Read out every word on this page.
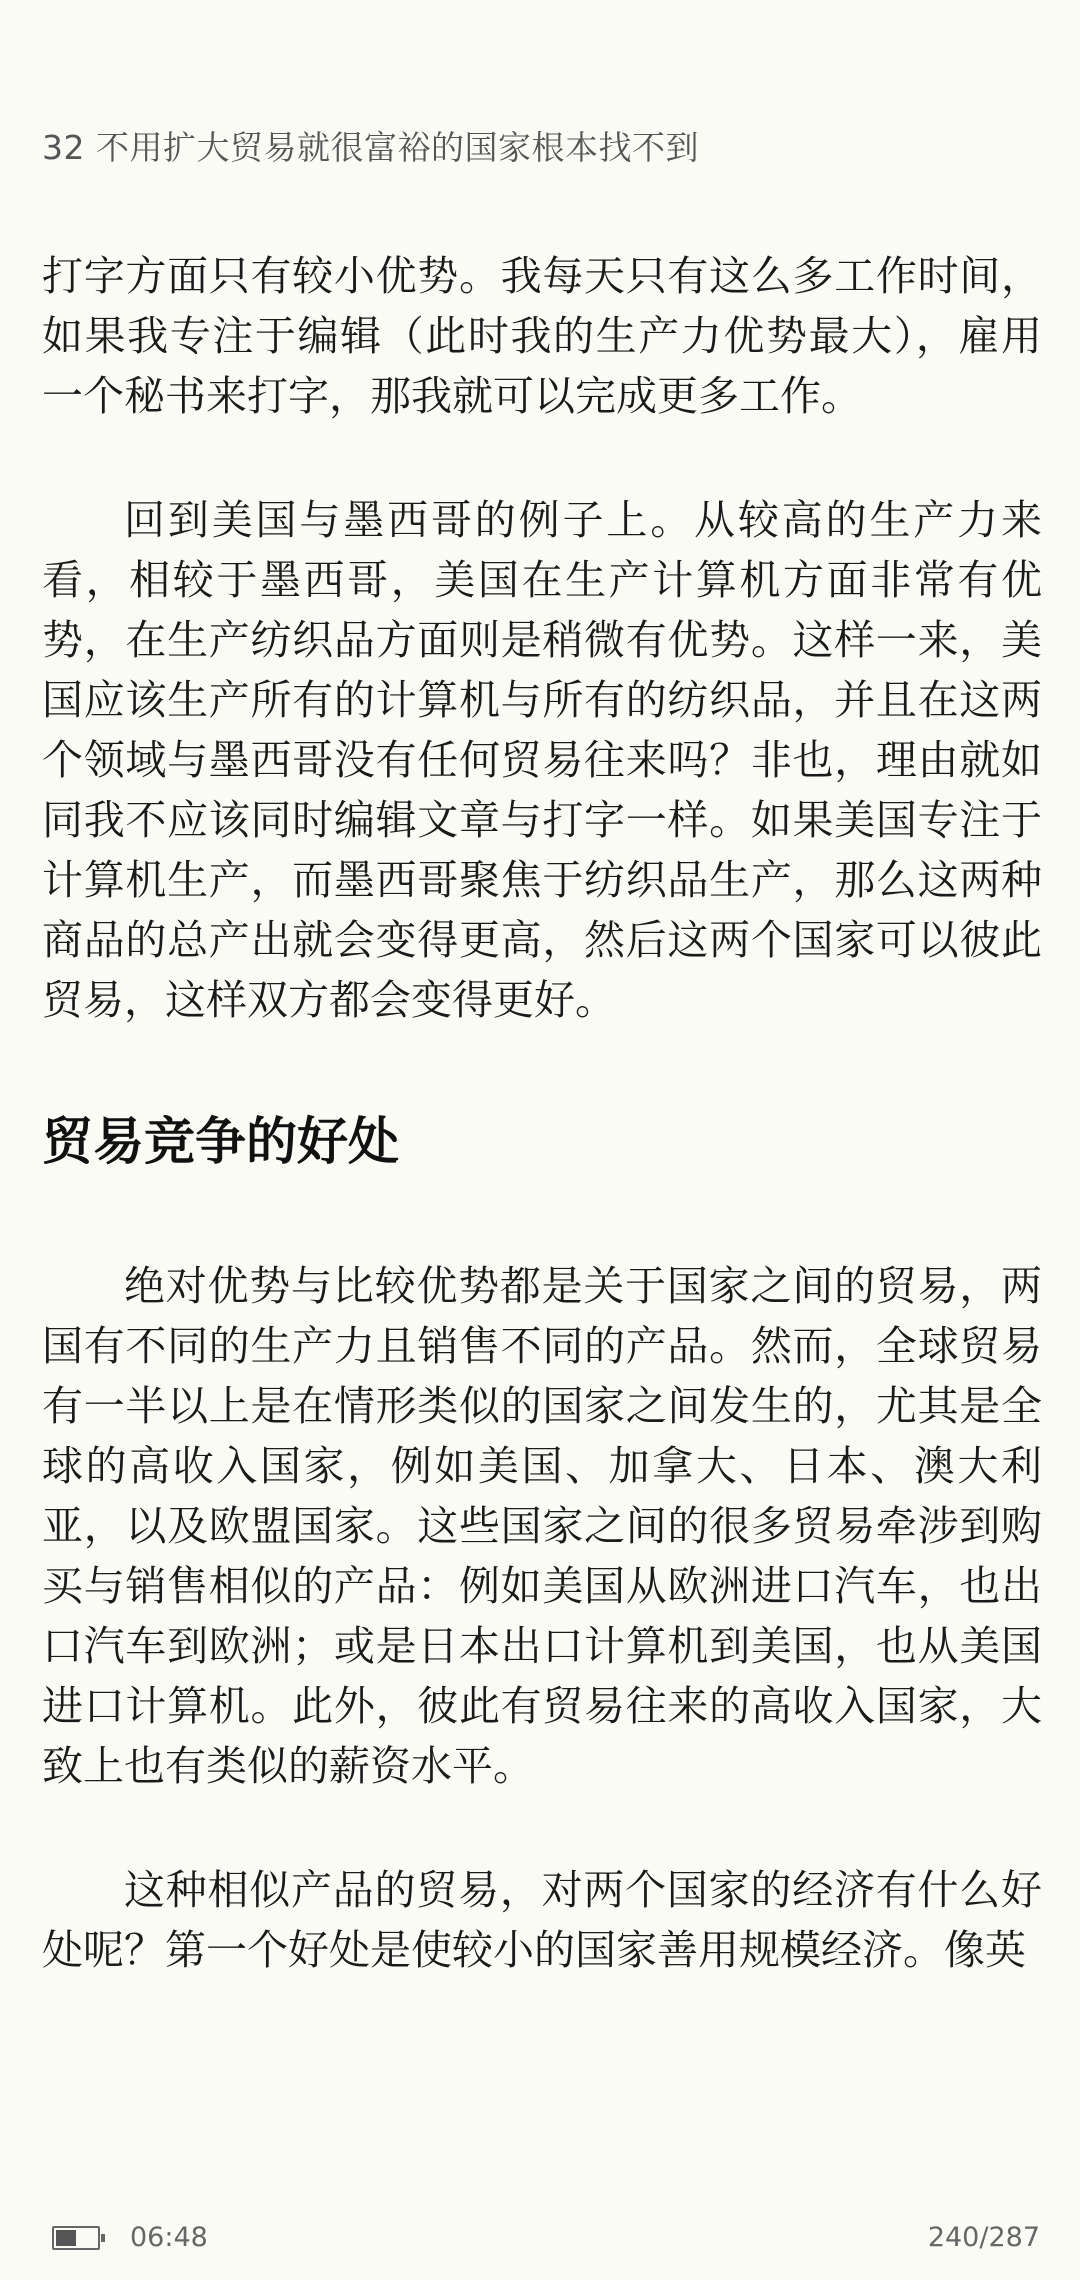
32 不用扩大贸易就很富裕的国家根本找不到

打字方面只有较小优势。我每天只有这么多工作时间，如果我专注于编辑（此时我的生产力优势最大），雇用一个秘书来打字，那我就可以完成更多工作。

回到美国与墨西哥的例子上。从较高的生产力来看，相较于墨西哥，美国在生产计算机方面非常有优势，在生产纺织品方面则是稍微有优势。这样一来，美国应该生产所有的计算机与所有的纺织品，并且在这两个领域与墨西哥没有任何贸易往来吗？非也，理由就如同我不应该同时编辑文章与打字一样。如果美国专注于计算机生产，而墨西哥聚焦于纺织品生产，那么这两种商品的总产出就会变得更高，然后这两个国家可以彼此贸易，这样双方都会变得更好。

贸易竞争的好处

绝对优势与比较优势都是关于国家之间的贸易，两国有不同的生产力且销售不同的产品。然而，全球贸易有一半以上是在情形类似的国家之间发生的，尤其是全球的高收入国家，例如美国、加拿大、日本、澳大利亚，以及欧盟国家。这些国家之间的很多贸易牵涉到购买与销售相似的产品：例如美国从欧洲进口汽车，也出口汽车到欧洲；或是日本出口计算机到美国，也从美国进口计算机。此外，彼此有贸易往来的高收入国家，大致上也有类似的薪资水平。

这种相似产品的贸易，对两个国家的经济有什么好处呢？第一个好处是使较小的国家善用规模经济。像英

06:48	240/287
